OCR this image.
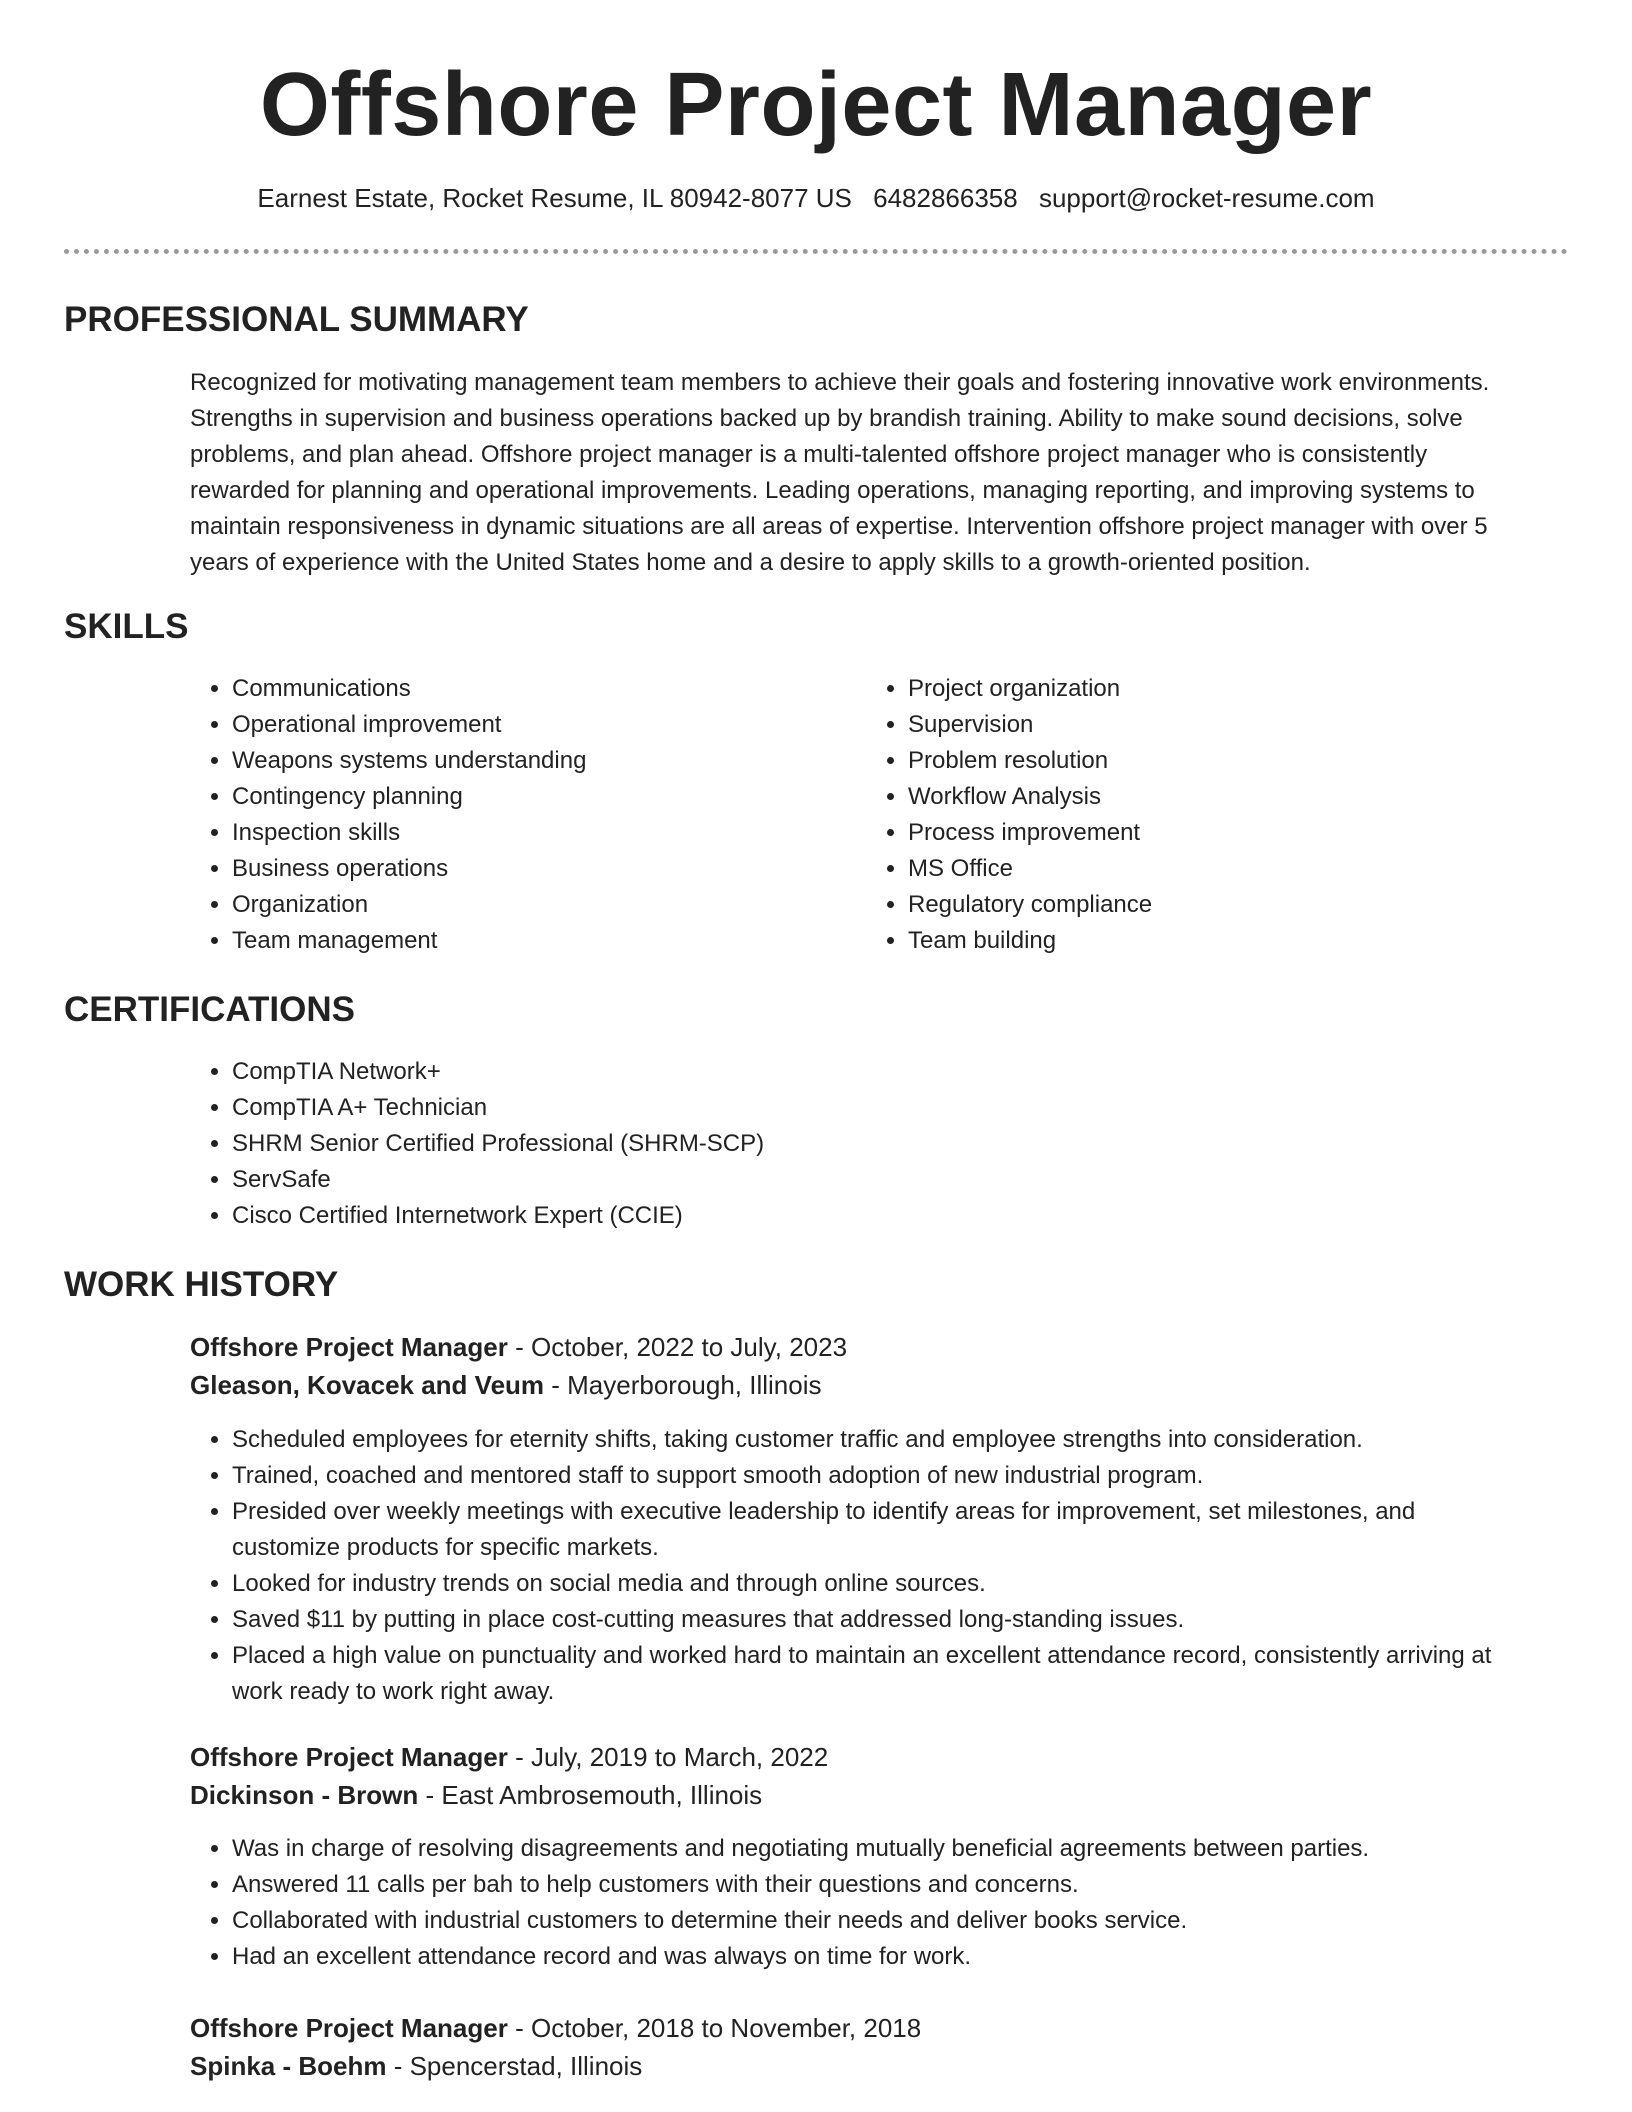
Offshore Project Manager
Earnest Estate, Rocket Resume, IL 80942-8077 US 6482866358 support@rocket-resume.com
PROFESSIONAL SUMMARY
Recognized for motivating management team members to achieve their goals and fostering innovative work environments.
Strengths in supervision and business operations backed up by brandish training. Ability to make sound decisions, solve
problems, and plan ahead. Offshore project manager is a multi-talented offshore project manager who is consistently
rewarded for planning and operational improvements. Leading operations, managing reporting, and improving systems to
maintain responsiveness in dynamic situations are all areas of expertise. Intervention offshore project manager with over 5
years of experience with the United States home and a desire to apply skills to a growth-oriented position.
SKILLS
• Communications
• Operational improvement
• Weapons systems understanding
• Contingency planning
• Inspection skills
• Business operations
• Organization
• Team management
• Project organization
• Supervision
• Problem resolution
• Workflow Analysis
• Process improvement
• MS Office
• Regulatory compliance
• Team building
CERTIFICATIONS
• CompTIA Network+
• CompTIA A+ Technician
• SHRM Senior Certified Professional (SHRM-SCP)
• ServSafe
• Cisco Certified Internetwork Expert (CCIE)
WORK HISTORY
Offshore Project Manager - October, 2022 to July, 2023
Gleason, Kovacek and Veum - Mayerborough, Illinois
• Scheduled employees for eternity shifts, taking customer traffic and employee strengths into consideration.
• Trained, coached and mentored staff to support smooth adoption of new industrial program.
• Presided over weekly meetings with executive leadership to identify areas for improvement, set milestones, and
customize products for specific markets.
• Looked for industry trends on social media and through online sources.
• Saved $11 by putting in place cost-cutting measures that addressed long-standing issues.
• Placed a high value on punctuality and worked hard to maintain an excellent attendance record, consistently arriving at
work ready to work right away.
Offshore Project Manager - July, 2019 to March, 2022
Dickinson - Brown - East Ambrosemouth, Illinois
• Was in charge of resolving disagreements and negotiating mutually beneficial agreements between parties.
• Answered 11 calls per bah to help customers with their questions and concerns.
• Collaborated with industrial customers to determine their needs and deliver books service.
• Had an excellent attendance record and was always on time for work.
Offshore Project Manager - October, 2018 to November, 2018
Spinka - Boehm - Spencerstad, Illinois
